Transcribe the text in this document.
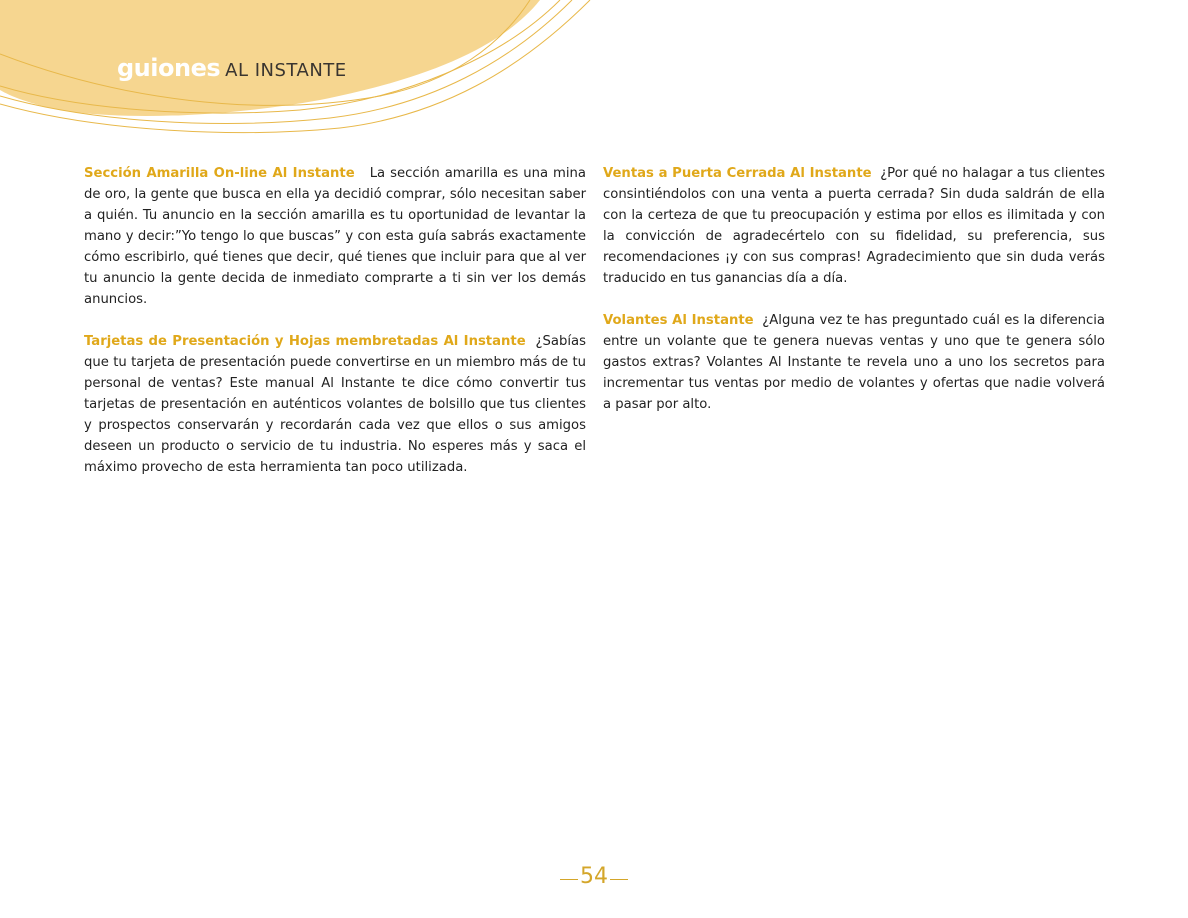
guiones AL INSTANTE

Sección Amarilla On-line Al Instante La sección amarilla es una mina de oro, la gente que busca en ella ya decidió comprar, sólo necesitan saber a quién. Tu anuncio en la sección amarilla es tu oportunidad de levantar la mano y decir:”Yo tengo lo que buscas” y con esta guía sabrás exactamente cómo escribirlo, qué tienes que decir, qué tienes que incluir para que al ver tu anuncio la gente decida de inmediato comprarte a ti sin ver los demás anuncios.

Tarjetas de Presentación y Hojas membretadas Al Instante ¿Sabías que tu tarjeta de presentación puede convertirse en un miembro más de tu personal de ventas? Este manual Al Instante te dice cómo convertir tus tarjetas de presentación en auténticos volantes de bolsillo que tus clientes y prospectos conservarán y recordarán cada vez que ellos o sus amigos deseen un producto o servicio de tu industria. No esperes más y saca el máximo provecho de esta herramienta tan poco utilizada.

Ventas a Puerta Cerrada Al Instante ¿Por qué no halagar a tus clientes consintiéndolos con una venta a puerta cerrada? Sin duda saldrán de ella con la certeza de que tu preocupación y estima por ellos es ilimitada y con la convicción de agradecértelo con su fidelidad, su preferencia, sus recomendaciones ¡y con sus compras! Agradecimiento que sin duda verás traducido en tus ganancias día a día.

Volantes Al Instante ¿Alguna vez te has preguntado cuál es la diferencia entre un volante que te genera nuevas ventas y uno que te genera sólo gastos extras? Volantes Al Instante te revela uno a uno los secretos para incrementar tus ventas por medio de volantes y ofertas que nadie volverá a pasar por alto.

54
